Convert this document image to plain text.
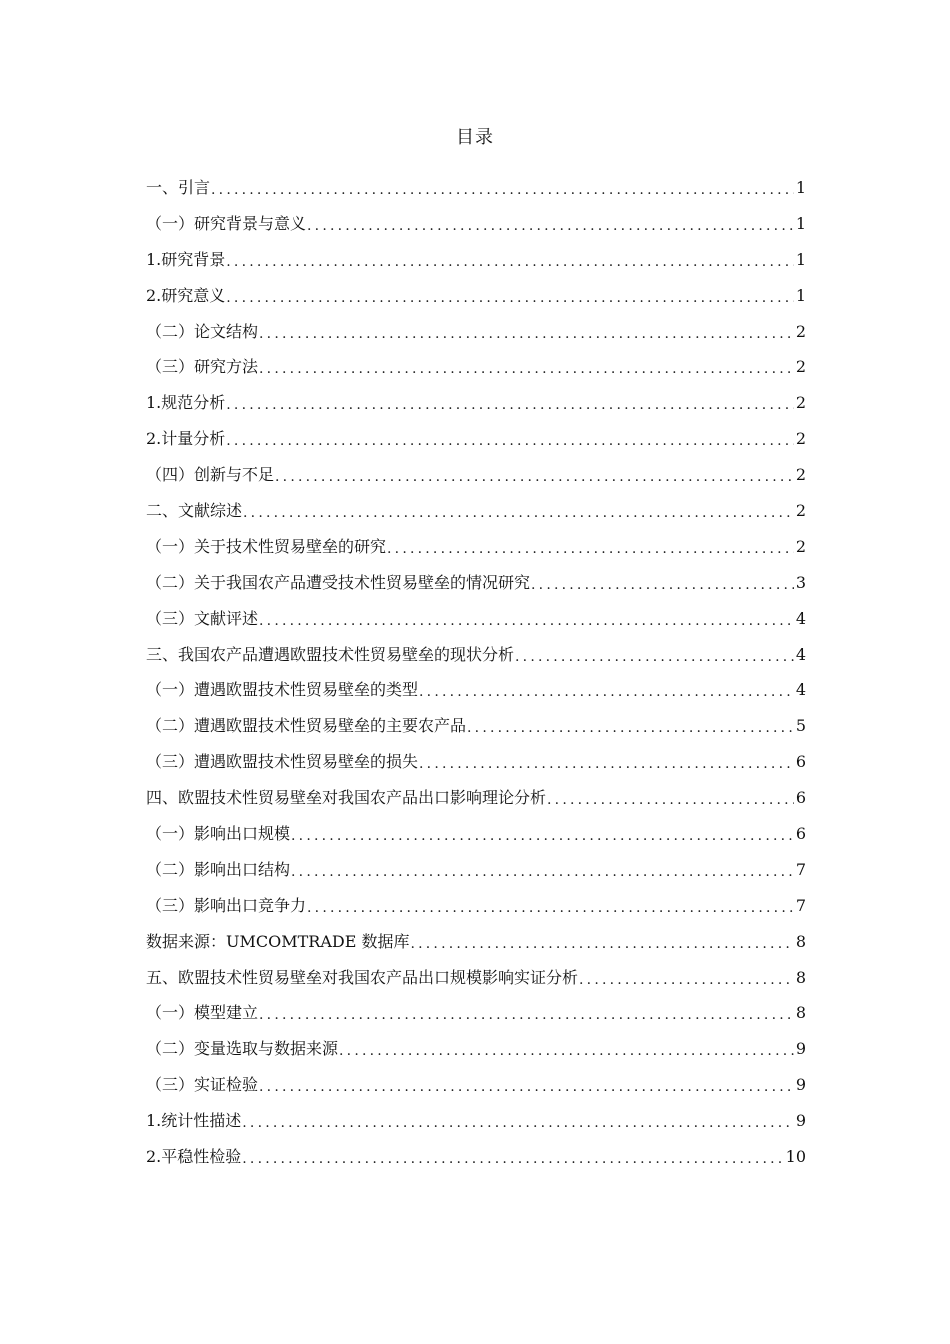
目录
一、引言 .....	1
（一）研究背景与意义 .....	1
1.研究背景 .....	1
2.研究意义 .....	1
（二）论文结构 .....	2
（三）研究方法 .....	2
1.规范分析 .....	2
2.计量分析 .....	2
（四）创新与不足 .....	2
二、文献综述 .....	2
（一）关于技术性贸易壁垒的研究 .....	2
（二）关于我国农产品遭受技术性贸易壁垒的情况研究 .....	3
（三）文献评述 .....	4
三、我国农产品遭遇欧盟技术性贸易壁垒的现状分析 .....	4
（一）遭遇欧盟技术性贸易壁垒的类型 .....	4
（二）遭遇欧盟技术性贸易壁垒的主要农产品 .....	5
（三）遭遇欧盟技术性贸易壁垒的损失 .....	6
四、欧盟技术性贸易壁垒对我国农产品出口影响理论分析 .....	6
（一）影响出口规模 .....	6
（二）影响出口结构 .....	7
（三）影响出口竞争力 .....	7
数据来源：UMCOMTRADE 数据库 .....	8
五、欧盟技术性贸易壁垒对我国农产品出口规模影响实证分析 .....	8
（一）模型建立 .....	8
（二）变量选取与数据来源 .....	9
（三）实证检验 .....	9
1.统计性描述 .....	9
2.平稳性检验 .....	10
